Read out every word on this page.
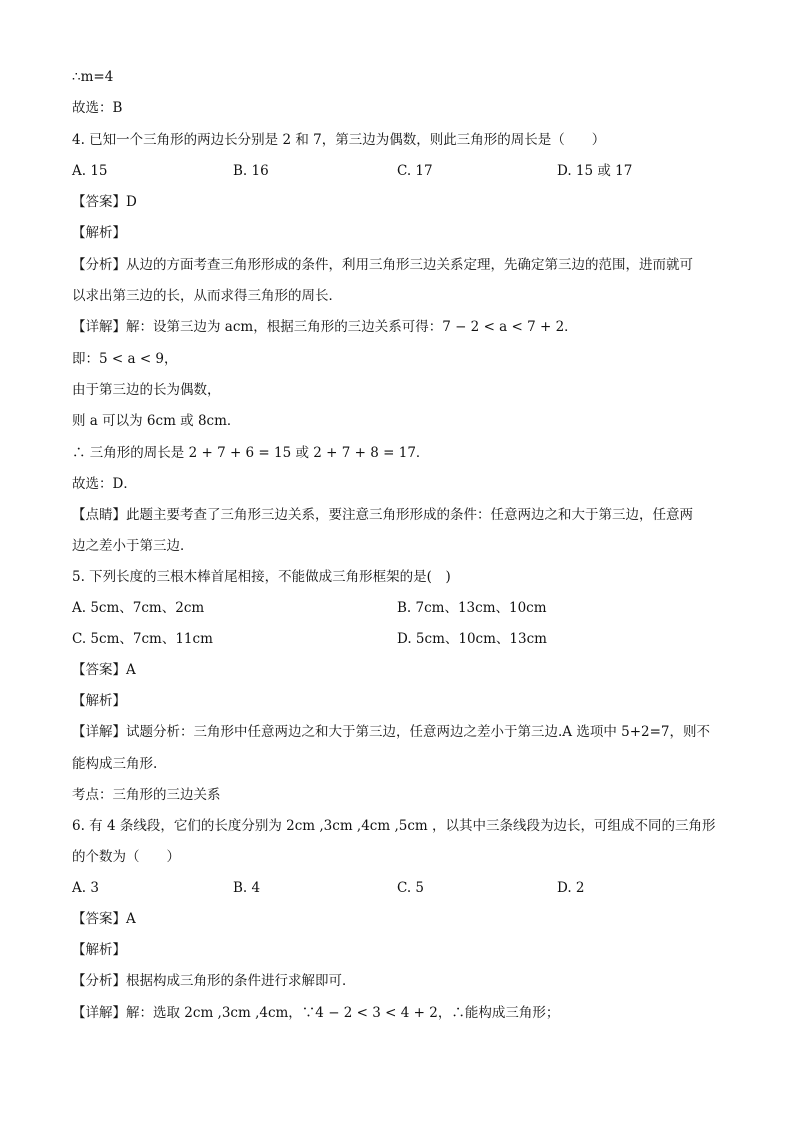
∴m=4
故选：B
4. 已知一个三角形的两边长分别是 2 和 7，第三边为偶数，则此三角形的周长是（　　）
A. 15	B. 16	C. 17	D. 15 或 17
【答案】D
【解析】
【分析】从边的方面考查三角形形成的条件，利用三角形三边关系定理，先确定第三边的范围，进而就可
以求出第三边的长，从而求得三角形的周长．
【详解】解：设第三边为 acm，根据三角形的三边关系可得：7 − 2 < a < 7 + 2．
即：5 < a < 9，
由于第三边的长为偶数，
则 a 可以为 6cm 或 8cm．
∴ 三角形的周长是 2 + 7 + 6 = 15 或 2 + 7 + 8 = 17．
故选：D．
【点睛】此题主要考查了三角形三边关系，要注意三角形形成的条件：任意两边之和大于第三边，任意两
边之差小于第三边．
5. 下列长度的三根木棒首尾相接，不能做成三角形框架的是(　)
A. 5cm、7cm、2cm	B. 7cm、13cm、10cm
C. 5cm、7cm、11cm	D. 5cm、10cm、13cm
【答案】A
【解析】
【详解】试题分析：三角形中任意两边之和大于第三边，任意两边之差小于第三边.A 选项中 5+2=7，则不
能构成三角形.
考点：三角形的三边关系
6. 有 4 条线段，它们的长度分别为 2cm ,3cm ,4cm ,5cm ，以其中三条线段为边长，可组成不同的三角形
的个数为（　　）
A. 3	B. 4	C. 5	D. 2
【答案】A
【解析】
【分析】根据构成三角形的条件进行求解即可．
【详解】解：选取 2cm ,3cm ,4cm，∵4 − 2 < 3 < 4 + 2，∴能构成三角形；
